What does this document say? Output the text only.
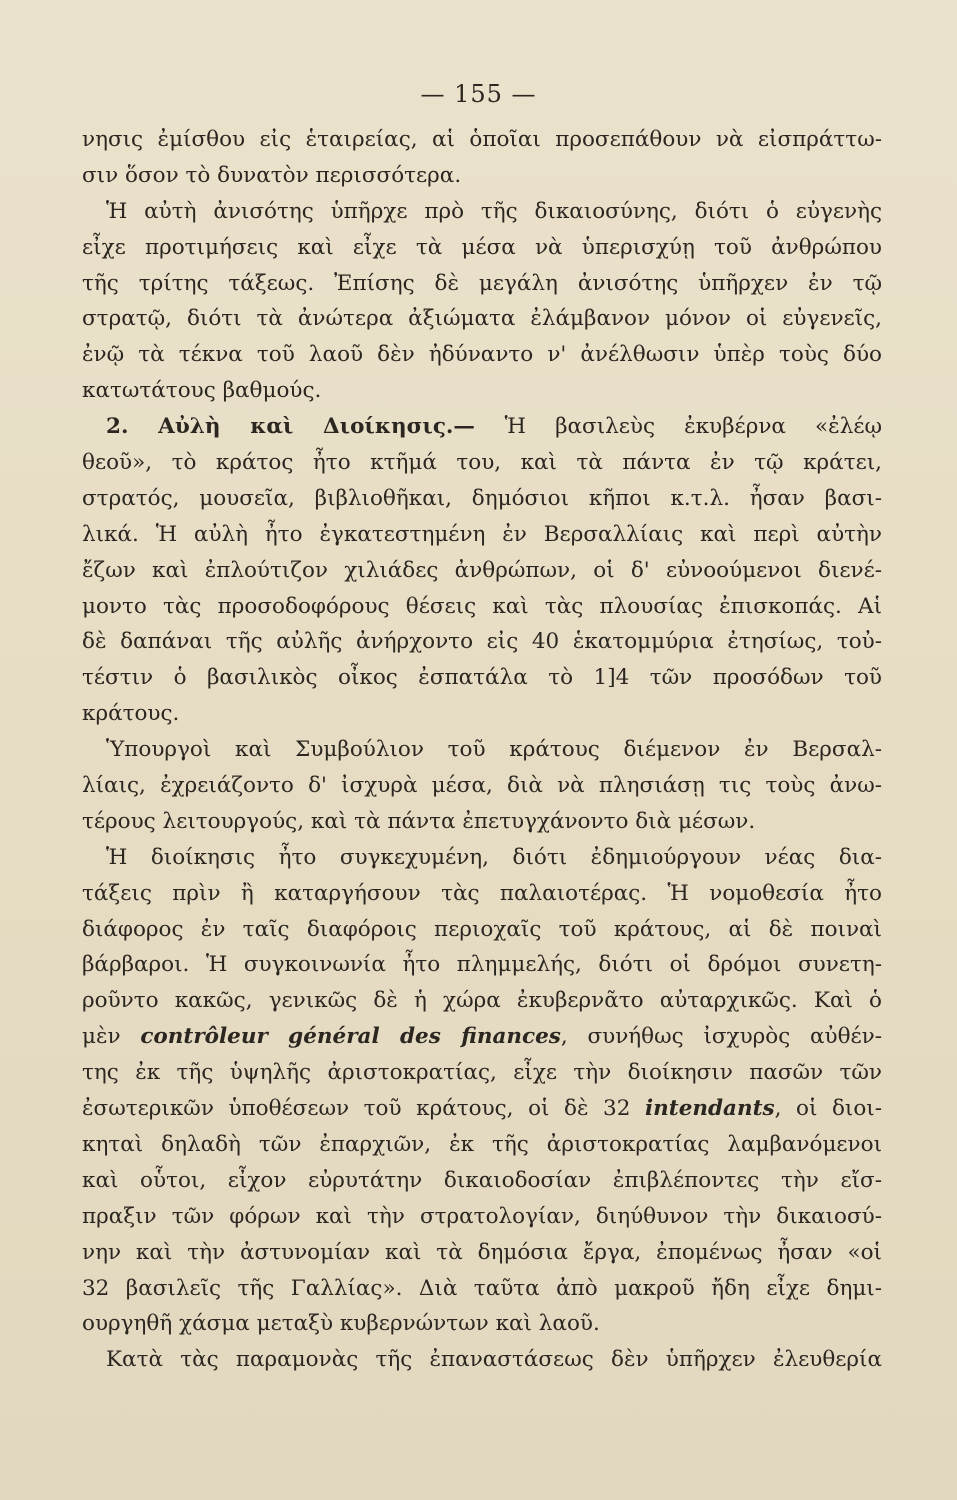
— 155 —
νησις ἐμίσθου εἰς ἑταιρείας, αἱ ὁποῖαι προσεπάθουν νὰ εἰσπράττω-
σιν ὅσον τὸ δυνατὸν περισσότερα.
Ἡ αὐτὴ ἀνισότης ὑπῆρχε πρὸ τῆς δικαιοσύνης, διότι ὁ εὐγενὴς
εἶχε προτιμήσεις καὶ εἶχε τὰ μέσα νὰ ὑπερισχύῃ τοῦ ἀνθρώπου
τῆς τρίτης τάξεως. Ἐπίσης δὲ μεγάλη ἀνισότης ὑπῆρχεν ἐν τῷ
στρατῷ, διότι τὰ ἀνώτερα ἀξιώματα ἐλάμβανον μόνον οἱ εὐγενεῖς,
ἐνῷ τὰ τέκνα τοῦ λαοῦ δὲν ἠδύναντο ν' ἀνέλθωσιν ὑπὲρ τοὺς δύο
κατωτάτους βαθμούς.
2. Αὐλὴ καὶ Διοίκησις.— Ἡ βασιλεὺς ἐκυβέρνα «ἐλέῳ
θεοῦ», τὸ κράτος ἦτο κτῆμά του, καὶ τὰ πάντα ἐν τῷ κράτει,
στρατός, μουσεῖα, βιβλιοθῆκαι, δημόσιοι κῆποι κ.τ.λ. ἦσαν βασι-
λικά. Ἡ αὐλὴ ἦτο ἐγκατεστημένη ἐν Βερσαλλίαις καὶ περὶ αὐτὴν
ἔζων καὶ ἐπλούτιζον χιλιάδες ἀνθρώπων, οἱ δ' εὐνοούμενοι διενέ-
μοντο τὰς προσοδοφόρους θέσεις καὶ τὰς πλουσίας ἐπισκοπάς. Αἱ
δὲ δαπάναι τῆς αὐλῆς ἀνήρχοντο εἰς 40 ἑκατομμύρια ἐτησίως, τοὐ-
τέστιν ὁ βασιλικὸς οἶκος ἐσπατάλα τὸ 1]4 τῶν προσόδων τοῦ
κράτους.
Ὑπουργοὶ καὶ Συμβούλιον τοῦ κράτους διέμενον ἐν Βερσαλ-
λίαις, ἐχρειάζοντο δ' ἰσχυρὰ μέσα, διὰ νὰ πλησιάσῃ τις τοὺς ἀνω-
τέρους λειτουργούς, καὶ τὰ πάντα ἐπετυγχάνοντο διὰ μέσων.
Ἡ διοίκησις ἦτο συγκεχυμένη, διότι ἐδημιούργουν νέας δια-
τάξεις πρὶν ἢ καταργήσουν τὰς παλαιοτέρας. Ἡ νομοθεσία ἦτο
διάφορος ἐν ταῖς διαφόροις περιοχαῖς τοῦ κράτους, αἱ δὲ ποιναὶ
βάρβαροι. Ἡ συγκοινωνία ἦτο πλημμελής, διότι οἱ δρόμοι συνετη-
ροῦντο κακῶς, γενικῶς δὲ ἡ χώρα ἐκυβερνᾶτο αὐταρχικῶς. Καὶ ὁ
μὲν contrôleur général des finances, συνήθως ἰσχυρὸς αὐθέν-
της ἐκ τῆς ὑψηλῆς ἀριστοκρατίας, εἶχε τὴν διοίκησιν πασῶν τῶν
ἐσωτερικῶν ὑποθέσεων τοῦ κράτους, οἱ δὲ 32 intendants, οἱ διοι-
κηταὶ δηλαδὴ τῶν ἐπαρχιῶν, ἐκ τῆς ἀριστοκρατίας λαμβανόμενοι
καὶ οὗτοι, εἶχον εὐρυτάτην δικαιοδοσίαν ἐπιβλέποντες τὴν εἴσ-
πραξιν τῶν φόρων καὶ τὴν στρατολογίαν, διηύθυνον τὴν δικαιοσύ-
νην καὶ τὴν ἀστυνομίαν καὶ τὰ δημόσια ἔργα, ἐπομένως ἦσαν «οἱ
32 βασιλεῖς τῆς Γαλλίας». Διὰ ταῦτα ἀπὸ μακροῦ ἤδη εἶχε δημι-
ουργηθῆ χάσμα μεταξὺ κυβερνώντων καὶ λαοῦ.
Κατὰ τὰς παραμονὰς τῆς ἐπαναστάσεως δὲν ὑπῆρχεν ἐλευθερία
